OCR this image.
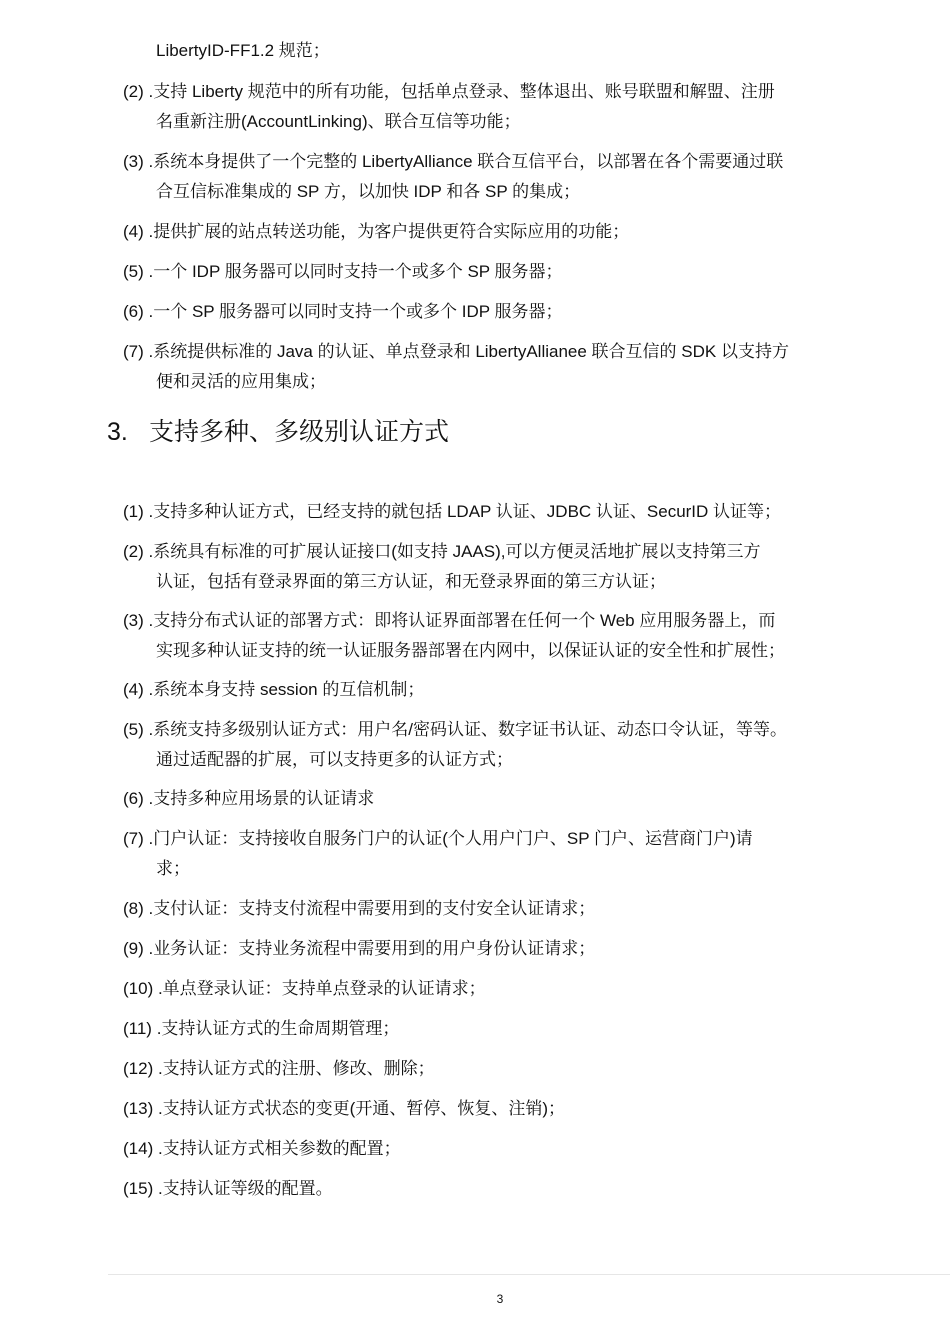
LibertyID-FF1.2 规范；
(2) .支持 Liberty 规范中的所有功能，包括单点登录、整体退出、账号联盟和解盟、注册
名重新注册(AccountLinking)、联合互信等功能；
(3) .系统本身提供了一个完整的 LibertyAlliance 联合互信平台，以部署在各个需要通过联
合互信标准集成的 SP 方，以加快 IDP 和各 SP 的集成；
(4) .提供扩展的站点转送功能，为客户提供更符合实际应用的功能；
(5) .一个 IDP 服务器可以同时支持一个或多个 SP 服务器；
(6) .一个 SP 服务器可以同时支持一个或多个 IDP 服务器；
(7) .系统提供标准的 Java 的认证、单点登录和 LibertyAllianee 联合互信的 SDK 以支持方
便和灵活的应用集成；
3. 支持多种、多级别认证方式
(1) .支持多种认证方式，已经支持的就包括 LDAP 认证、JDBC 认证、SecurID 认证等；
(2) .系统具有标准的可扩展认证接口(如支持 JAAS),可以方便灵活地扩展以支持第三方
认证，包括有登录界面的第三方认证，和无登录界面的第三方认证；
(3) .支持分布式认证的部署方式：即将认证界面部署在任何一个 Web 应用服务器上，而
实现多种认证支持的统一认证服务器部署在内网中，以保证认证的安全性和扩展性；
(4) .系统本身支持 session 的互信机制；
(5) .系统支持多级别认证方式：用户名/密码认证、数字证书认证、动态口令认证，等等。
通过适配器的扩展，可以支持更多的认证方式；
(6) .支持多种应用场景的认证请求
(7) .门户认证：支持接收自服务门户的认证(个人用户门户、SP 门户、运营商门户)请
求；
(8) .支付认证：支持支付流程中需要用到的支付安全认证请求；
(9) .业务认证：支持业务流程中需要用到的用户身份认证请求；
(10) .单点登录认证：支持单点登录的认证请求；
(11) .支持认证方式的生命周期管理；
(12) .支持认证方式的注册、修改、删除；
(13) .支持认证方式状态的变更(开通、暂停、恢复、注销)；
(14) .支持认证方式相关参数的配置；
(15) .支持认证等级的配置。
3
